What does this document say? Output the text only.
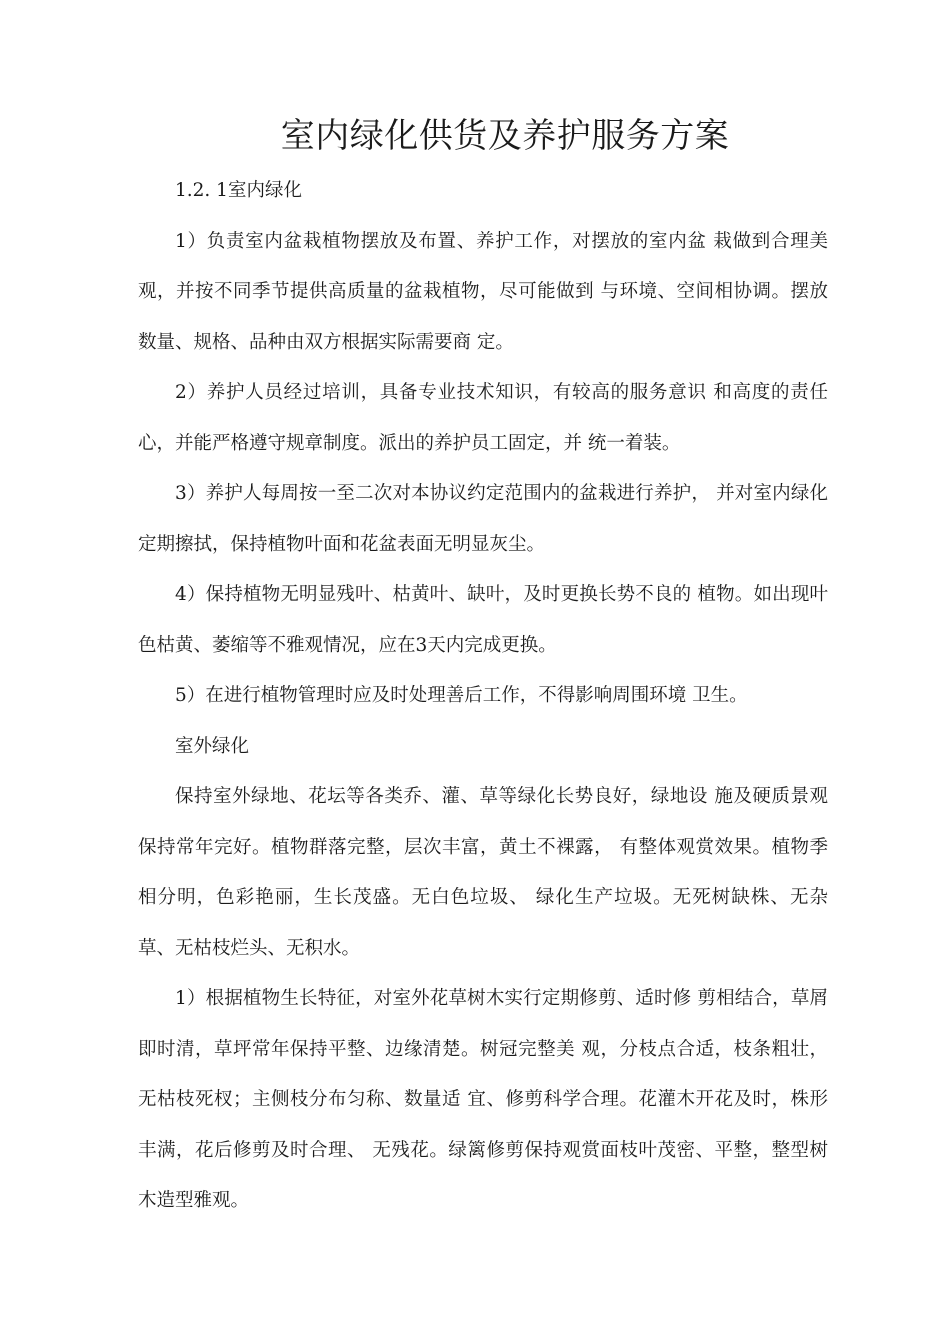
室内绿化供货及养护服务方案

1.2. 1室内绿化

1）负责室内盆栽植物摆放及布置、养护工作，对摆放的室内盆 栽做到合理美观，并按不同季节提供高质量的盆栽植物，尽可能做到 与环境、空间相协调。摆放数量、规格、品种由双方根据实际需要商 定。

2）养护人员经过培训，具备专业技术知识，有较高的服务意识 和高度的责任心，并能严格遵守规章制度。派出的养护员工固定，并 统一着装。

3）养护人每周按一至二次对本协议约定范围内的盆栽进行养护， 并对室内绿化定期擦拭，保持植物叶面和花盆表面无明显灰尘。

4）保持植物无明显残叶、枯黄叶、缺叶，及时更换长势不良的 植物。如出现叶色枯黄、萎缩等不雅观情况，应在3天内完成更换。

5）在进行植物管理时应及时处理善后工作，不得影响周围环境 卫生。

室外绿化

保持室外绿地、花坛等各类乔、灌、草等绿化长势良好，绿地设 施及硬质景观保持常年完好。植物群落完整，层次丰富，黄土不裸露， 有整体观赏效果。植物季相分明，色彩艳丽，生长茂盛。无白色垃圾、 绿化生产垃圾。无死树缺株、无杂草、无枯枝烂头、无积水。

1）根据植物生长特征，对室外花草树木实行定期修剪、适时修 剪相结合，草屑即时清，草坪常年保持平整、边缘清楚。树冠完整美 观，分枝点合适，枝条粗壮，无枯枝死杈；主侧枝分布匀称、数量适 宜、修剪科学合理。花灌木开花及时，株形丰满，花后修剪及时合理、 无残花。绿篱修剪保持观赏面枝叶茂密、平整，整型树木造型雅观。
